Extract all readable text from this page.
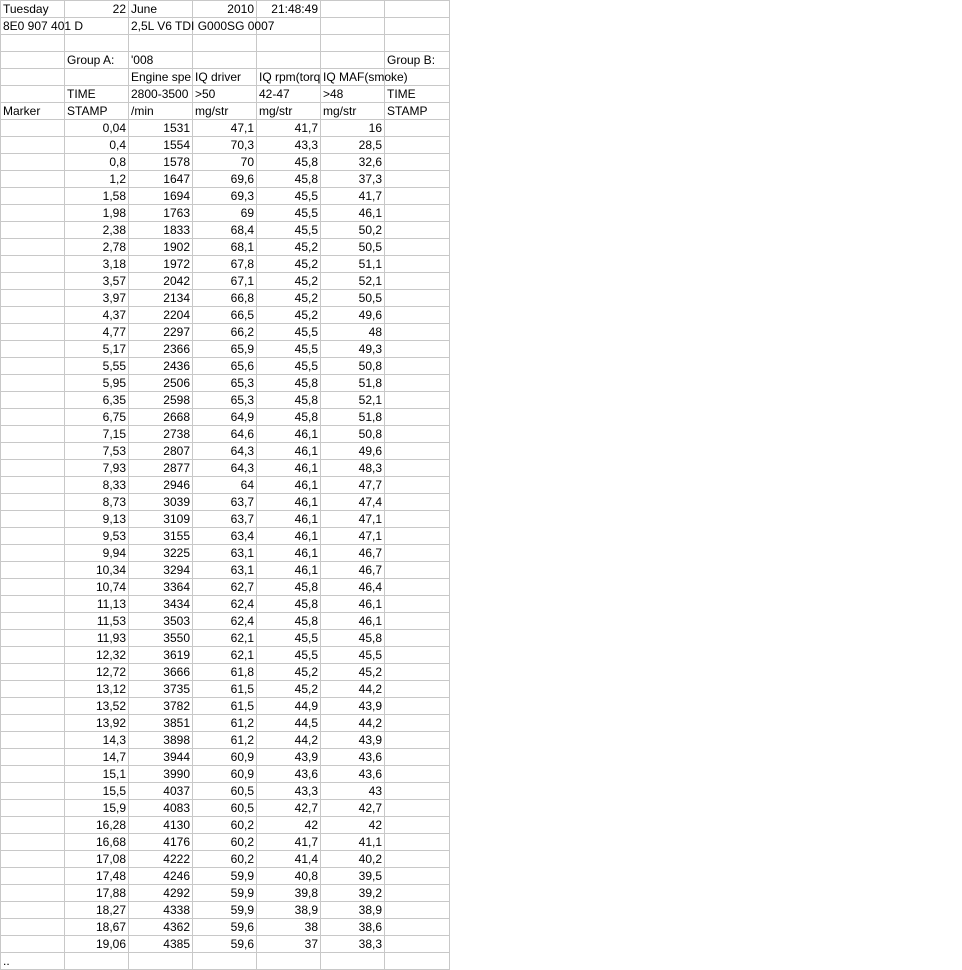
Tuesday	22	June	2010	21:48:49		
8E0 907 401 D		2,5L V6 TDI G000SG 0007				

	Group A:	'008				Group B:
		Engine spe	IQ driver	IQ rpm(torq	IQ MAF(smoke)	
	TIME	2800-3500	>50	42-47	>48	TIME
Marker	STAMP	/min	mg/str	mg/str	mg/str	STAMP
	0,04	1531	47,1	41,7	16	
	0,4	1554	70,3	43,3	28,5	
	0,8	1578	70	45,8	32,6	
	1,2	1647	69,6	45,8	37,3	
	1,58	1694	69,3	45,5	41,7	
	1,98	1763	69	45,5	46,1	
	2,38	1833	68,4	45,5	50,2	
	2,78	1902	68,1	45,2	50,5	
	3,18	1972	67,8	45,2	51,1	
	3,57	2042	67,1	45,2	52,1	
	3,97	2134	66,8	45,2	50,5	
	4,37	2204	66,5	45,2	49,6	
	4,77	2297	66,2	45,5	48	
	5,17	2366	65,9	45,5	49,3	
	5,55	2436	65,6	45,5	50,8	
	5,95	2506	65,3	45,8	51,8	
	6,35	2598	65,3	45,8	52,1	
	6,75	2668	64,9	45,8	51,8	
	7,15	2738	64,6	46,1	50,8	
	7,53	2807	64,3	46,1	49,6	
	7,93	2877	64,3	46,1	48,3	
	8,33	2946	64	46,1	47,7	
	8,73	3039	63,7	46,1	47,4	
	9,13	3109	63,7	46,1	47,1	
	9,53	3155	63,4	46,1	47,1	
	9,94	3225	63,1	46,1	46,7	
	10,34	3294	63,1	46,1	46,7	
	10,74	3364	62,7	45,8	46,4	
	11,13	3434	62,4	45,8	46,1	
	11,53	3503	62,4	45,8	46,1	
	11,93	3550	62,1	45,5	45,8	
	12,32	3619	62,1	45,5	45,5	
	12,72	3666	61,8	45,2	45,2	
	13,12	3735	61,5	45,2	44,2	
	13,52	3782	61,5	44,9	43,9	
	13,92	3851	61,2	44,5	44,2	
	14,3	3898	61,2	44,2	43,9	
	14,7	3944	60,9	43,9	43,6	
	15,1	3990	60,9	43,6	43,6	
	15,5	4037	60,5	43,3	43	
	15,9	4083	60,5	42,7	42,7	
	16,28	4130	60,2	42	42	
	16,68	4176	60,2	41,7	41,1	
	17,08	4222	60,2	41,4	40,2	
	17,48	4246	59,9	40,8	39,5	
	17,88	4292	59,9	39,8	39,2	
	18,27	4338	59,9	38,9	38,9	
	18,67	4362	59,6	38	38,6	
	19,06	4385	59,6	37	38,3	
..						
